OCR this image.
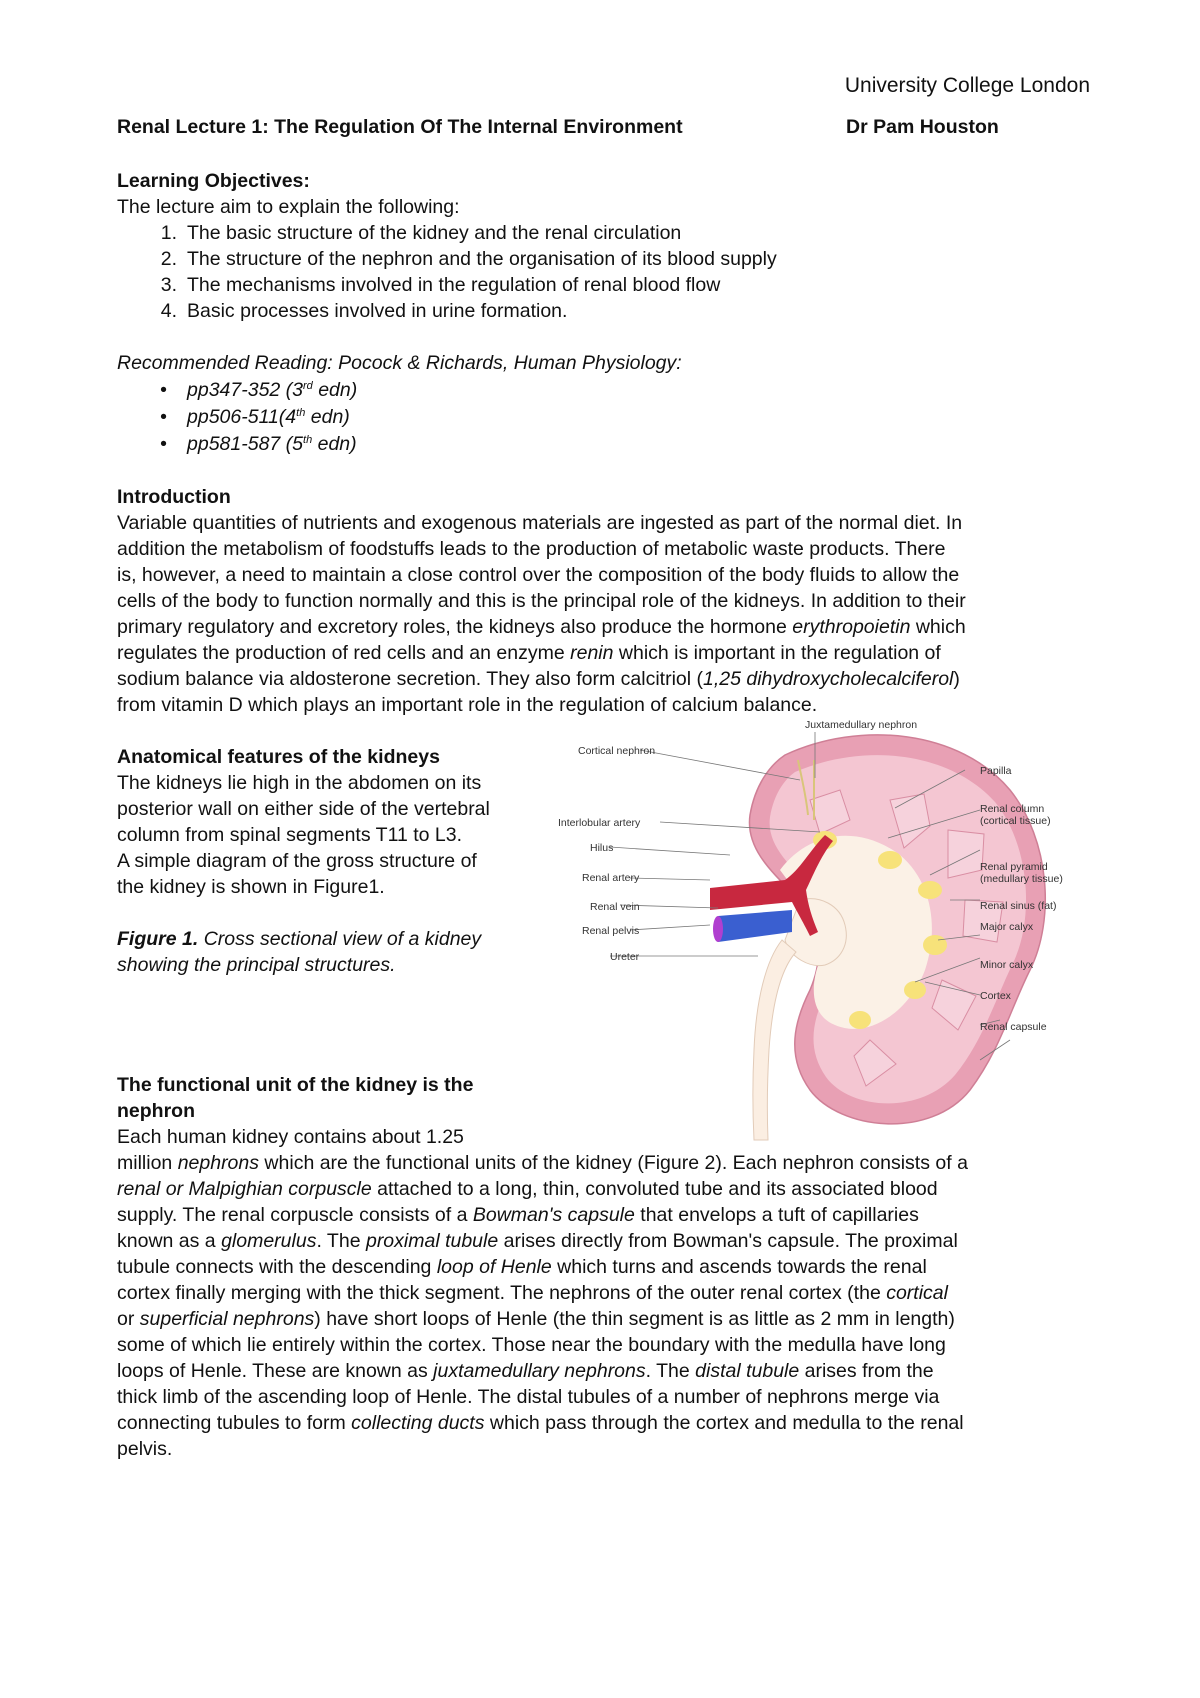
University College London
Renal Lecture 1: The Regulation Of The Internal Environment	Dr Pam Houston
Learning Objectives:
The lecture aim to explain the following:
1. The basic structure of the kidney and the renal circulation
2. The structure of the nephron and the organisation of its blood supply
3. The mechanisms involved in the regulation of renal blood flow
4. Basic processes involved in urine formation.
Recommended Reading: Pocock & Richards, Human Physiology:
• pp347-352 (3rd edn)
• pp506-511(4th edn)
• pp581-587 (5th edn)
Introduction
Variable quantities of nutrients and exogenous materials are ingested as part of the normal diet. In
addition the metabolism of foodstuffs leads to the production of metabolic waste products. There
is, however, a need to maintain a close control over the composition of the body fluids to allow the
cells of the body to function normally and this is the principal role of the kidneys. In addition to their
primary regulatory and excretory roles, the kidneys also produce the hormone erythropoietin which
regulates the production of red cells and an enzyme renin which is important in the regulation of
sodium balance via aldosterone secretion. They also form calcitriol (1,25 dihydroxycholecalciferol)
from vitamin D which plays an important role in the regulation of calcium balance.
Anatomical features of the kidneys
The kidneys lie high in the abdomen on its
posterior wall on either side of the vertebral
column from spinal segments T11 to L3.
A simple diagram of the gross structure of
the kidney is shown in Figure1.
Figure 1. Cross sectional view of a kidney
showing the principal structures.
Juxtamedullary nephron
Cortical nephron
Interlobular artery
Hilus
Renal artery
Renal vein
Renal pelvis
Ureter
Papilla
Renal column
(cortical tissue)
Renal pyramid
(medullary tissue)
Renal sinus (fat)
Major calyx
Minor calyx
Cortex
Renal capsule
The functional unit of the kidney is the
nephron
Each human kidney contains about 1.25
million nephrons which are the functional units of the kidney (Figure 2). Each nephron consists of a
renal or Malpighian corpuscle attached to a long, thin, convoluted tube and its associated blood
supply. The renal corpuscle consists of a Bowman's capsule that envelops a tuft of capillaries
known as a glomerulus. The proximal tubule arises directly from Bowman's capsule. The proximal
tubule connects with the descending loop of Henle which turns and ascends towards the renal
cortex finally merging with the thick segment. The nephrons of the outer renal cortex (the cortical
or superficial nephrons) have short loops of Henle (the thin segment is as little as 2 mm in length)
some of which lie entirely within the cortex. Those near the boundary with the medulla have long
loops of Henle. These are known as juxtamedullary nephrons. The distal tubule arises from the
thick limb of the ascending loop of Henle. The distal tubules of a number of nephrons merge via
connecting tubules to form collecting ducts which pass through the cortex and medulla to the renal
pelvis.
